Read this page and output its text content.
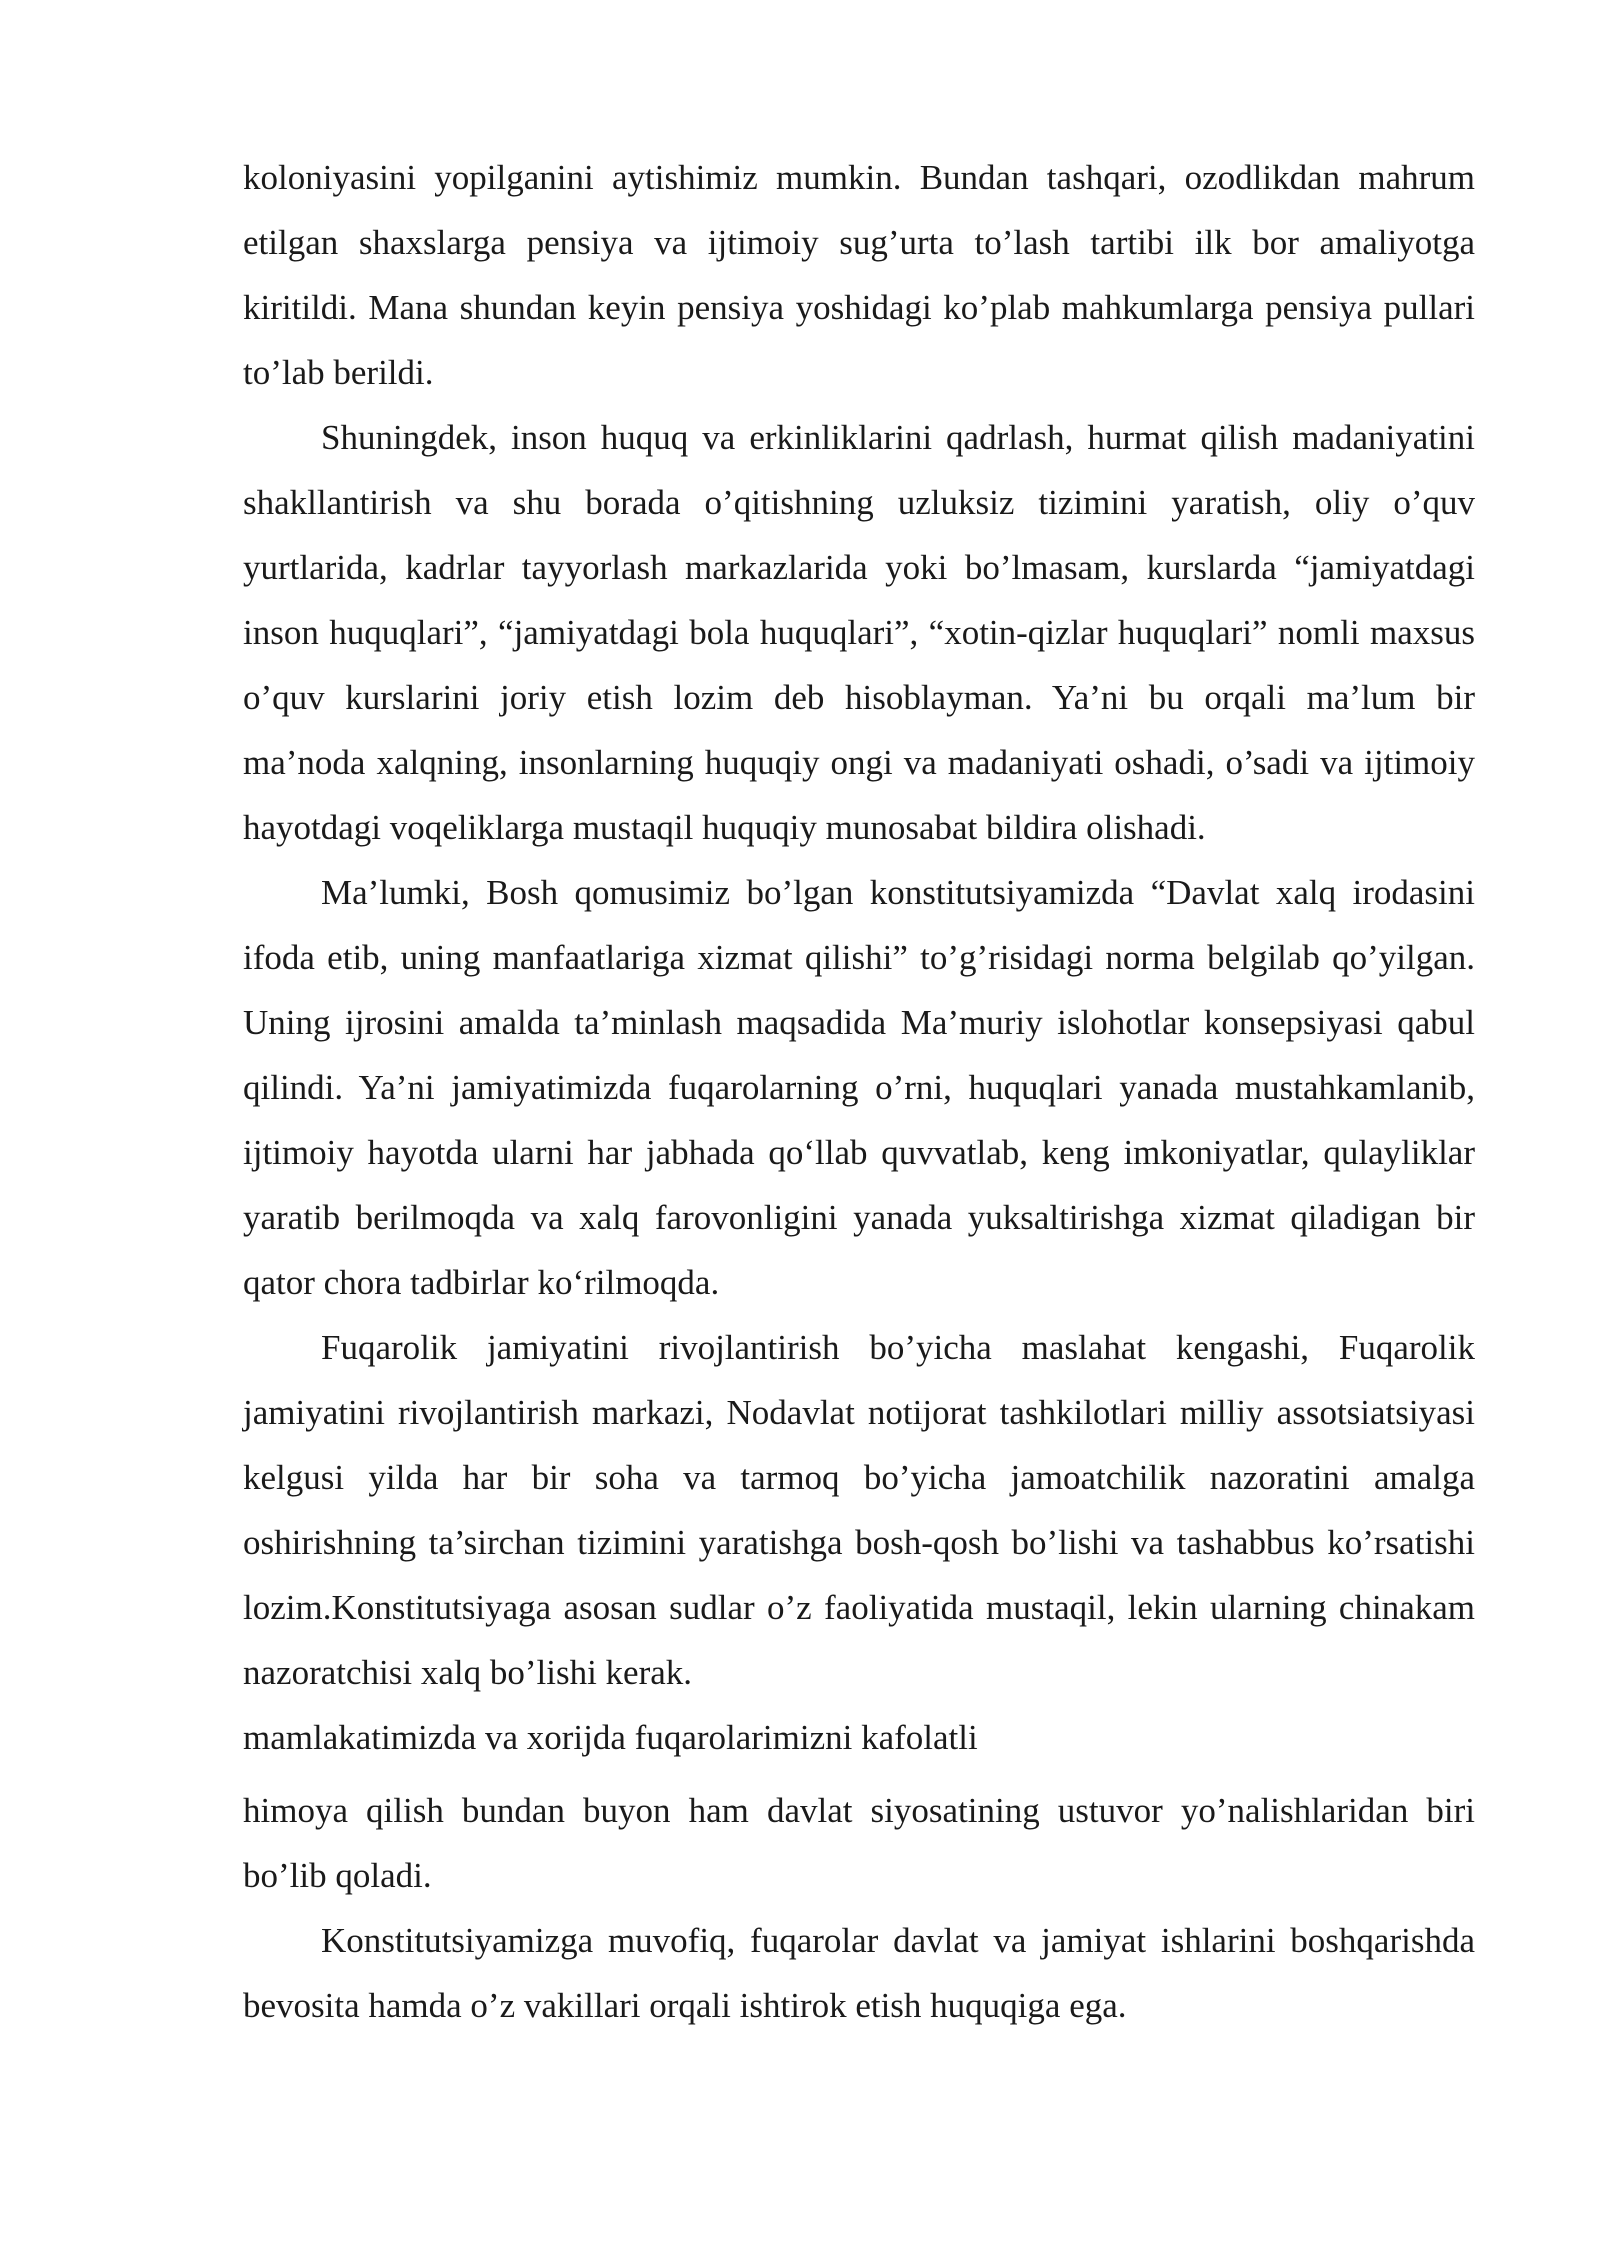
koloniyasini yopilganini aytishimiz mumkin. Bundan tashqari, ozodlikdan mahrum etilgan shaxslarga pensiya va ijtimoiy sug’urta to’lash tartibi ilk bor amaliyotga kiritildi. Mana shundan keyin pensiya yoshidagi ko’plab mahkumlarga pensiya pullari to’lab berildi.

Shuningdek, inson huquq va erkinliklarini qadrlash, hurmat qilish madaniyatini shakllantirish va shu borada o’qitishning uzluksiz tizimini yaratish, oliy o’quv yurtlarida, kadrlar tayyorlash markazlarida yoki bo’lmasam, kurslarda “jamiyatdagi inson huquqlari”, “jamiyatdagi bola huquqlari”, “xotin-qizlar huquqlari” nomli maxsus o’quv kurslarini joriy etish lozim deb hisoblayman. Ya’ni bu orqali ma’lum bir ma’noda xalqning, insonlarning huquqiy ongi va madaniyati oshadi, o’sadi va ijtimoiy hayotdagi voqeliklarga mustaqil huquqiy munosabat bildira olishadi.

Ma’lumki, Bosh qomusimiz bo’lgan konstitutsiyamizda “Davlat xalq irodasini ifoda etib, uning manfaatlariga xizmat qilishi” to’g’risidagi norma belgilab qo’yilgan. Uning ijrosini amalda ta’minlash maqsadida Ma’muriy islohotlar konsepsiyasi qabul qilindi. Ya’ni jamiyatimizda fuqarolarning o’rni, huquqlari yanada mustahkamlanib, ijtimoiy hayotda ularni har jabhada qo‘llab quvvatlab, keng imkoniyatlar, qulayliklar yaratib berilmoqda va xalq farovonligini yanada yuksaltirishga xizmat qiladigan bir qator chora tadbirlar ko‘rilmoqda.

Fuqarolik jamiyatini rivojlantirish bo’yicha maslahat kengashi, Fuqarolik jamiyatini rivojlantirish markazi, Nodavlat notijorat tashkilotlari milliy assotsiatsiyasi kelgusi yilda har bir soha va tarmoq bo’yicha jamoatchilik nazoratini amalga oshirishning ta’sirchan tizimini yaratishga bosh-qosh bo’lishi va tashabbus ko’rsatishi lozim.Konstitutsiyaga asosan sudlar o’z faoliyatida mustaqil, lekin ularning chinakam nazoratchisi xalq bo’lishi kerak.

mamlakatimizda va xorijda fuqarolarimizni kafolatli

himoya qilish bundan buyon ham davlat siyosatining ustuvor yo’nalishlaridan biri bo’lib qoladi.

Konstitutsiyamizga muvofiq, fuqarolar davlat va jamiyat ishlarini boshqarishda bevosita hamda o’z vakillari orqali ishtirok etish huquqiga ega.
